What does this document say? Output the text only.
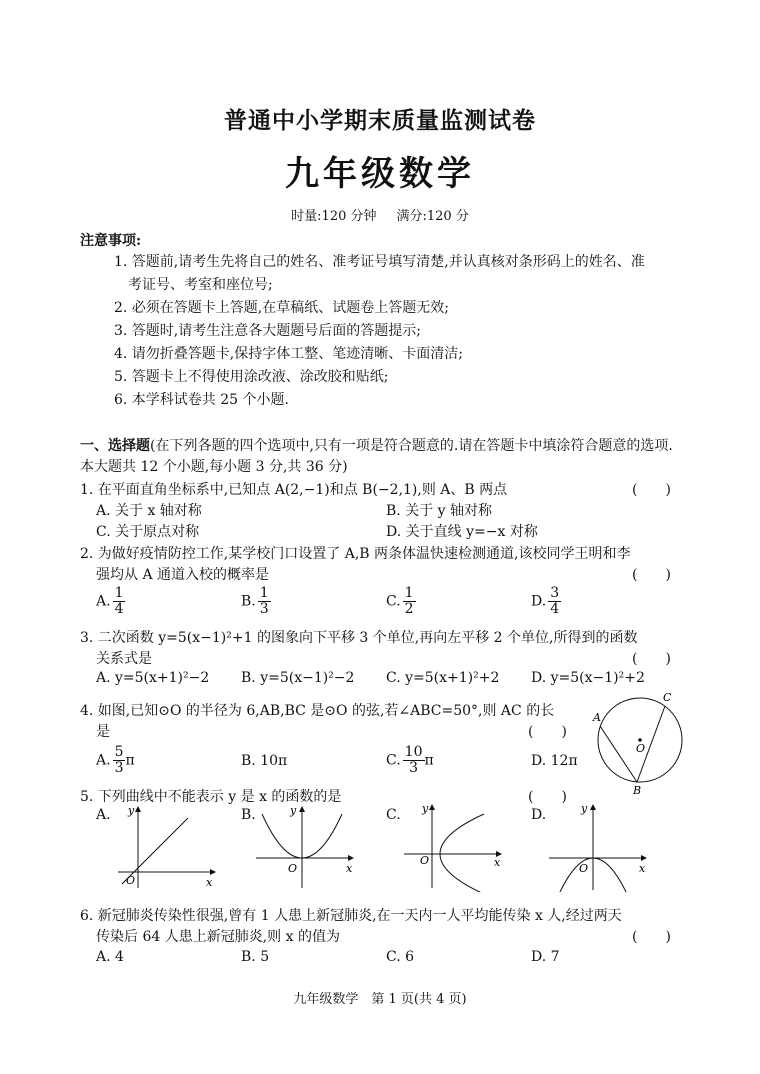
普通中小学期末质量监测试卷
九年级数学
时量:120 分钟 满分:120 分
注意事项:
1. 答题前,请考生先将自己的姓名、准考证号填写清楚,并认真核对条形码上的姓名、准
考证号、考室和座位号;
2. 必须在答题卡上答题,在草稿纸、试题卷上答题无效;
3. 答题时,请考生注意各大题题号后面的答题提示;
4. 请勿折叠答题卡,保持字体工整、笔迹清晰、卡面清洁;
5. 答题卡上不得使用涂改液、涂改胶和贴纸;
6. 本学科试卷共 25 个小题.
一、选择题(在下列各题的四个选项中,只有一项是符合题意的.请在答题卡中填涂符合题意的选项.本大题共 12 个小题,每小题 3 分,共 36 分)
1. 在平面直角坐标系中,已知点 A(2,−1)和点 B(−2,1),则 A、B 两点	(　　)
A. 关于 x 轴对称	B. 关于 y 轴对称
C. 关于原点对称	D. 关于直线 y=−x 对称
2. 为做好疫情防控工作,某学校门口设置了 A,B 两条体温快速检测通道,该校同学王明和李
强均从 A 通道入校的概率是	(　　)
A. $\frac{1}{4}$	B. $\frac{1}{3}$	C. $\frac{1}{2}$	D. $\frac{3}{4}$
3. 二次函数 y=5(x−1)²+1 的图象向下平移 3 个单位,再向左平移 2 个单位,所得到的函数
关系式是	(　　)
A. y=5(x+1)²−2 B. y=5(x−1)²−2 C. y=5(x+1)²+2 D. y=5(x−1)²+2
4. 如图,已知⊙O 的半径为 6,AB,BC 是⊙O 的弦,若∠ABC=50°,则 AC 的长
是	(　　)
A. $\frac{5}{3}$ π	B. 10π	C. $\frac{10}{3}$ π	D. 12π
A
B
C
O
5. 下列曲线中不能表示 y 是 x 的函数的是	(　　)
A.	B.	C.	D.
O	x
y
O	x
y
O	x
y
O	x
y
6. 新冠肺炎传染性很强,曾有 1 人患上新冠肺炎,在一天内一人平均能传染 x 人,经过两天
传染后 64 人患上新冠肺炎,则 x 的值为	(　　)
A. 4	B. 5	C. 6	D. 7
九年级数学　第 1 页(共 4 页)
